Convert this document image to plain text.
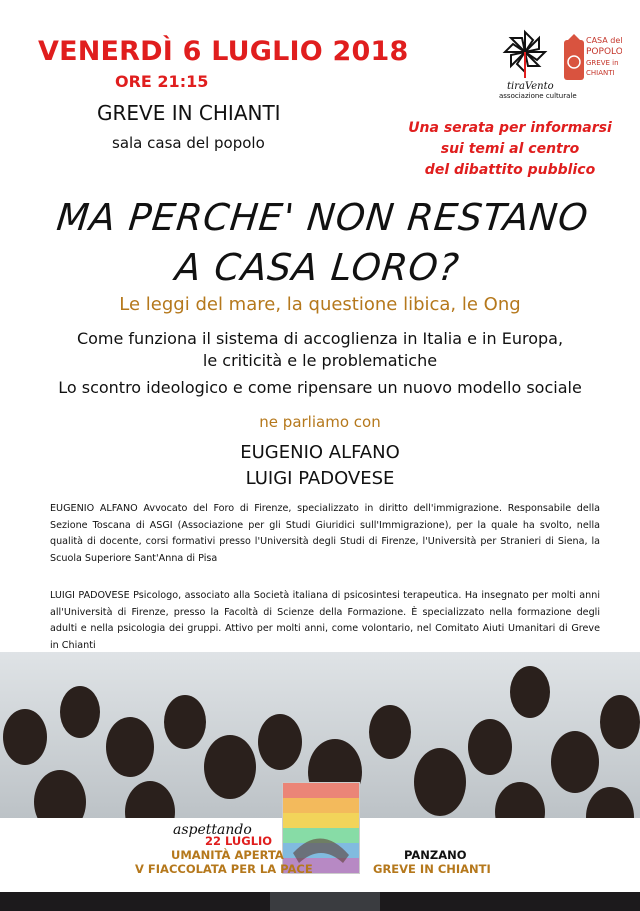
VENERDÌ 6 LUGLIO 2018
ORE 21:15
GREVE IN CHIANTI
sala casa del popolo
tiraVento
associazione culturale
CASA del
POPOLO
GREVE in
CHIANTI
Una serata per informarsi
sui temi al centro
del dibattito pubblico
MA PERCHE' NON RESTANO
A CASA LORO?
Le leggi del mare, la questione libica, le Ong
Come funziona il sistema di accoglienza in Italia e in Europa,
le criticità e le problematiche
Lo scontro ideologico e come ripensare un nuovo modello sociale
ne parliamo con
EUGENIO ALFANO
LUIGI PADOVESE
EUGENIO ALFANO Avvocato del Foro di Firenze, specializzato in diritto dell'immigrazione. Responsabile della Sezione Toscana di ASGI (Associazione per gli Studi Giuridici sull'Immigrazione), per la quale ha svolto, nella qualità di docente, corsi formativi presso l'Università degli Studi di Firenze, l'Università per Stranieri di Siena, la Scuola Superiore Sant'Anna di Pisa
LUIGI PADOVESE Psicologo, associato alla Società italiana di psicosintesi terapeutica. Ha insegnato per molti anni all'Università di Firenze, presso la Facoltà di Scienze della Formazione. È specializzato nella formazione degli adulti e nella psicologia dei gruppi. Attivo per molti anni, come volontario, nel Comitato Aiuti Umanitari di Greve in Chianti
aspettando
22 LUGLIO
UMANITÀ APERTA
V FIACCOLATA PER LA PACE
PANZANO
GREVE IN CHIANTI
